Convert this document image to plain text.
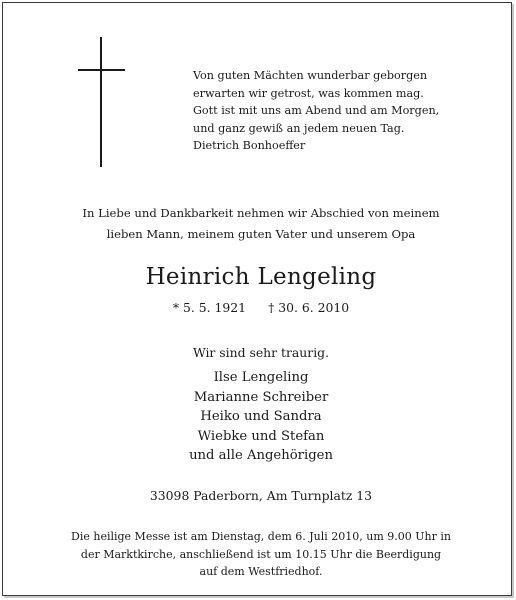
Von guten Mächten wunderbar geborgen
erwarten wir getrost, was kommen mag.
Gott ist mit uns am Abend und am Morgen,
und ganz gewiß an jedem neuen Tag.
Dietrich Bonhoeffer
In Liebe und Dankbarkeit nehmen wir Abschied von meinem
lieben Mann, meinem guten Vater und unserem Opa
Heinrich Lengeling
* 5. 5. 1921 † 30. 6. 2010
Wir sind sehr traurig.
Ilse Lengeling
Marianne Schreiber
Heiko und Sandra
Wiebke und Stefan
und alle Angehörigen
33098 Paderborn, Am Turnplatz 13
Die heilige Messe ist am Dienstag, dem 6. Juli 2010, um 9.00 Uhr in
der Marktkirche, anschließend ist um 10.15 Uhr die Beerdigung
auf dem Westfriedhof.
